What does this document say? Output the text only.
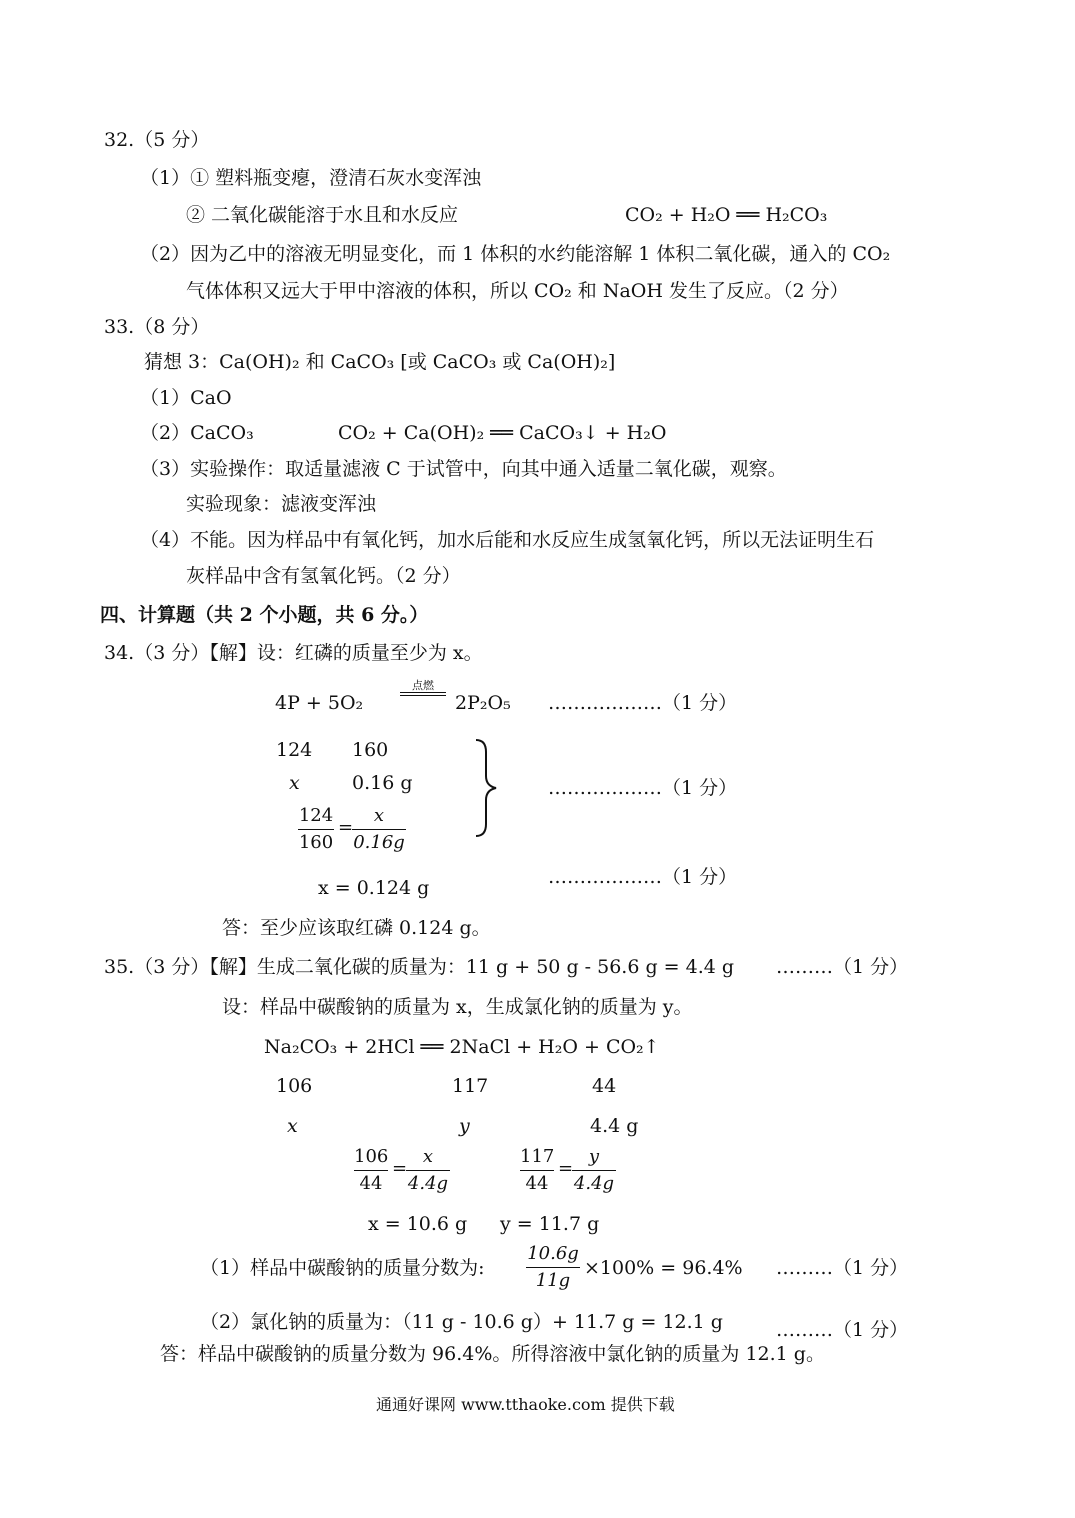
32.（5 分）
（1）① 塑料瓶变瘪，澄清石灰水变浑浊
② 二氧化碳能溶于水且和水反应	CO₂ + H₂O ══ H₂CO₃
（2）因为乙中的溶液无明显变化，而 1 体积的水约能溶解 1 体积二氧化碳，通入的 CO₂
气体体积又远大于甲中溶液的体积，所以 CO₂ 和 NaOH 发生了反应。（2 分）
33.（8 分）
猜想 3：Ca(OH)₂ 和 CaCO₃ [或 CaCO₃ 或 Ca(OH)₂]
（1）CaO
（2）CaCO₃	CO₂ + Ca(OH)₂ ══ CaCO₃↓ + H₂O
（3）实验操作：取适量滤液 C 于试管中，向其中通入适量二氧化碳，观察。
实验现象：滤液变浑浊
（4）不能。因为样品中有氧化钙，加水后能和水反应生成氢氧化钙，所以无法证明生石
灰样品中含有氢氧化钙。（2 分）
四、计算题（共 2 个小题，共 6 分。）
34.（3 分）【解】设：红磷的质量至少为 x。
4P + 5O₂
点燃
2P₂O₅ ………………（1 分）
124 160
x	0.16 g
124
160
=
x
0.16g
………………（1 分）
x = 0.124 g	………………（1 分）
答：至少应该取红磷 0.124 g。
35.（3 分）【解】生成二氧化碳的质量为：11 g + 50 g - 56.6 g = 4.4 g ………（1 分）
设：样品中碳酸钠的质量为 x，生成氯化钠的质量为 y。
Na₂CO₃ + 2HCl ══ 2NaCl + H₂O + CO₂↑
106	117	44
x	y	4.4 g
106
44
=
x
4.4g
117
44
=
y
4.4g
x = 10.6 g y = 11.7 g
（1）样品中碳酸钠的质量分数为:
10.6g
11g
×100% = 96.4% ………（1 分）
（2）氯化钠的质量为：（11 g - 10.6 g）+ 11.7 g = 12.1 g	………（1 分）
答：样品中碳酸钠的质量分数为 96.4%。所得溶液中氯化钠的质量为 12.1 g。
通通好课网 www.tthaoke.com 提供下载
